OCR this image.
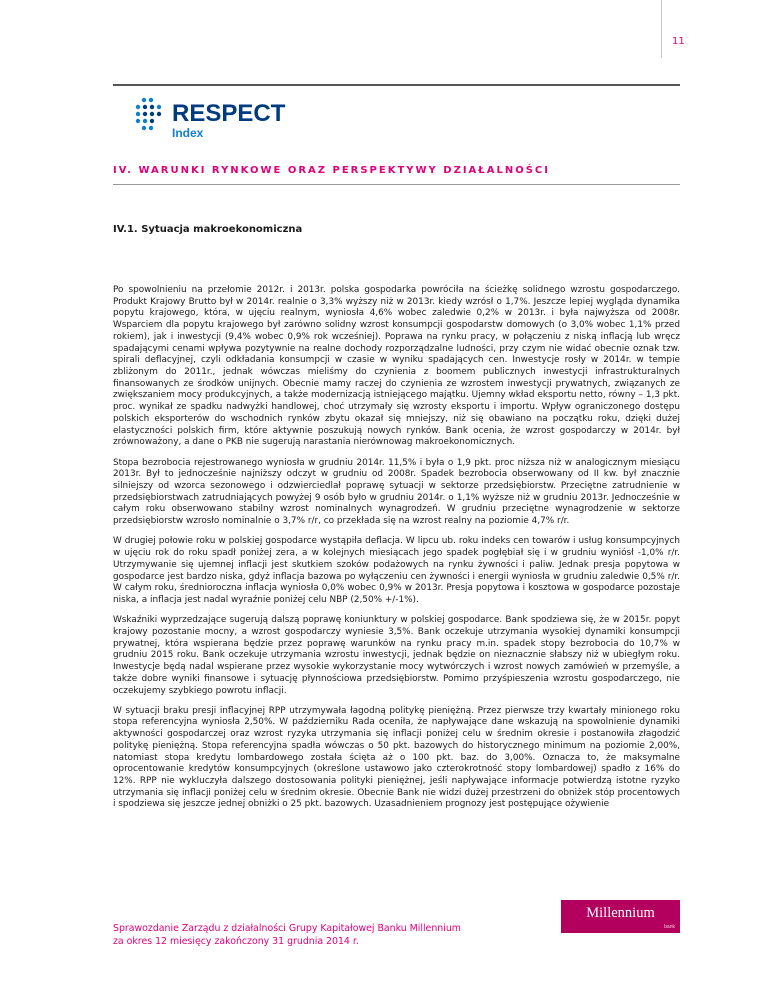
11
RESPECT
Index
IV. WARUNKI RYNKOWE ORAZ PERSPEKTYWY DZIAŁALNOŚCI
IV.1. Sytuacja makroekonomiczna

Po spowolnieniu na przełomie 2012r. i 2013r. polska gospodarka powróciła na ścieżkę solidnego wzrostu gospodarczego. Produkt Krajowy Brutto był w 2014r. realnie o 3,3% wyższy niż w 2013r. kiedy wzrósł o 1,7%. Jeszcze lepiej wygląda dynamika popytu krajowego, która, w ujęciu realnym, wyniosła 4,6% wobec zaledwie 0,2% w 2013r. i była najwyższa od 2008r. Wsparciem dla popytu krajowego był zarówno solidny wzrost konsumpcji gospodarstw domowych (o 3,0% wobec 1,1% przed rokiem), jak i inwestycji (9,4% wobec 0,9% rok wcześniej). Poprawa na rynku pracy, w połączeniu z niską inflacją lub wręcz spadającymi cenami wpływa pozytywnie na realne dochody rozporządzalne ludności, przy czym nie widać obecnie oznak tzw. spirali deflacyjnej, czyli odkładania konsumpcji w czasie w wyniku spadających cen. Inwestycje rosły w 2014r. w tempie zbliżonym do 2011r., jednak wówczas mieliśmy do czynienia z boomem publicznych inwestycji infrastrukturalnych finansowanych ze środków unijnych. Obecnie mamy raczej do czynienia ze wzrostem inwestycji prywatnych, związanych ze zwiększaniem mocy produkcyjnych, a także modernizacją istniejącego majątku. Ujemny wkład eksportu netto, równy – 1,3 pkt. proc. wynikał ze spadku nadwyżki handlowej, choć utrzymały się wzrosty eksportu i importu. Wpływ ograniczonego dostępu polskich eksporterów do wschodnich rynków zbytu okazał się mniejszy, niż się obawiano na początku roku, dzięki dużej elastyczności polskich firm, które aktywnie poszukują nowych rynków. Bank ocenia, że wzrost gospodarczy w 2014r. był zrównoważony, a dane o PKB nie sugerują narastania nierównowag makroekonomicznych.

Stopa bezrobocia rejestrowanego wyniosła w grudniu 2014r. 11,5% i była o 1,9 pkt. proc niższa niż w analogicznym miesiącu 2013r. Był to jednocześnie najniższy odczyt w grudniu od 2008r. Spadek bezrobocia obserwowany od II kw. był znacznie silniejszy od wzorca sezonowego i odzwierciedlał poprawę sytuacji w sektorze przedsiębiorstw. Przeciętne zatrudnienie w przedsiębiorstwach zatrudniających powyżej 9 osób było w grudniu 2014r. o 1,1% wyższe niż w grudniu 2013r. Jednocześnie w całym roku obserwowano stabilny wzrost nominalnych wynagrodzeń. W grudniu przeciętne wynagrodzenie w sektorze przedsiębiorstw wzrosło nominalnie o 3,7% r/r, co przekłada się na wzrost realny na poziomie 4,7% r/r.

W drugiej połowie roku w polskiej gospodarce wystąpiła deflacja. W lipcu ub. roku indeks cen towarów i usług konsumpcyjnych w ujęciu rok do roku spadł poniżej zera, a w kolejnych miesiącach jego spadek pogłębiał się i w grudniu wyniósł -1,0% r/r. Utrzymywanie się ujemnej inflacji jest skutkiem szoków podażowych na rynku żywności i paliw. Jednak presja popytowa w gospodarce jest bardzo niska, gdyż inflacja bazowa po wyłączeniu cen żywności i energii wyniosła w grudniu zaledwie 0,5% r/r. W całym roku, średnioroczna inflacja wyniosła 0,0% wobec 0,9% w 2013r. Presja popytowa i kosztowa w gospodarce pozostaje niska, a inflacja jest nadal wyraźnie poniżej celu NBP (2,50% +/-1%).

Wskaźniki wyprzedzające sugerują dalszą poprawę koniunktury w polskiej gospodarce. Bank spodziewa się, że w 2015r. popyt krajowy pozostanie mocny, a wzrost gospodarczy wyniesie 3,5%. Bank oczekuje utrzymania wysokiej dynamiki konsumpcji prywatnej, która wspierana będzie przez poprawę warunków na rynku pracy m.in. spadek stopy bezrobocia do 10,7% w grudniu 2015 roku. Bank oczekuje utrzymania wzrostu inwestycji, jednak będzie on nieznacznie słabszy niż w ubiegłym roku. Inwestycje będą nadal wspierane przez wysokie wykorzystanie mocy wytwórczych i wzrost nowych zamówień w przemyśle, a także dobre wyniki finansowe i sytuację płynnościowa przedsiębiorstw. Pomimo przyśpieszenia wzrostu gospodarczego, nie oczekujemy szybkiego powrotu inflacji.

W sytuacji braku presji inflacyjnej RPP utrzymywała łagodną politykę pieniężną. Przez pierwsze trzy kwartały minionego roku stopa referencyjna wyniosła 2,50%. W październiku Rada oceniła, że napływające dane wskazują na spowolnienie dynamiki aktywności gospodarczej oraz wzrost ryzyka utrzymania się inflacji poniżej celu w średnim okresie i postanowiła złagodzić politykę pieniężną. Stopa referencyjna spadła wówczas o 50 pkt. bazowych do historycznego minimum na poziomie 2,00%, natomiast stopa kredytu lombardowego została ścięta aż o 100 pkt. baz. do 3,00%. Oznacza to, że maksymalne oprocentowanie kredytów konsumpcyjnych (określone ustawowo jako czterokrotność stopy lombardowej) spadło z 16% do 12%. RPP nie wykluczyła dalszego dostosowania polityki pieniężnej, jeśli napływające informacje potwierdzą istotne ryzyko utrzymania się inflacji poniżej celu w średnim okresie. Obecnie Bank nie widzi dużej przestrzeni do obniżek stóp procentowych i spodziewa się jeszcze jednej obniżki o 25 pkt. bazowych. Uzasadnieniem prognozy jest postępujące ożywienie

Sprawozdanie Zarządu z działalności Grupy Kapitałowej Banku Millennium
za okres 12 miesięcy zakończony 31 grudnia 2014 r.
Millennium
bank
